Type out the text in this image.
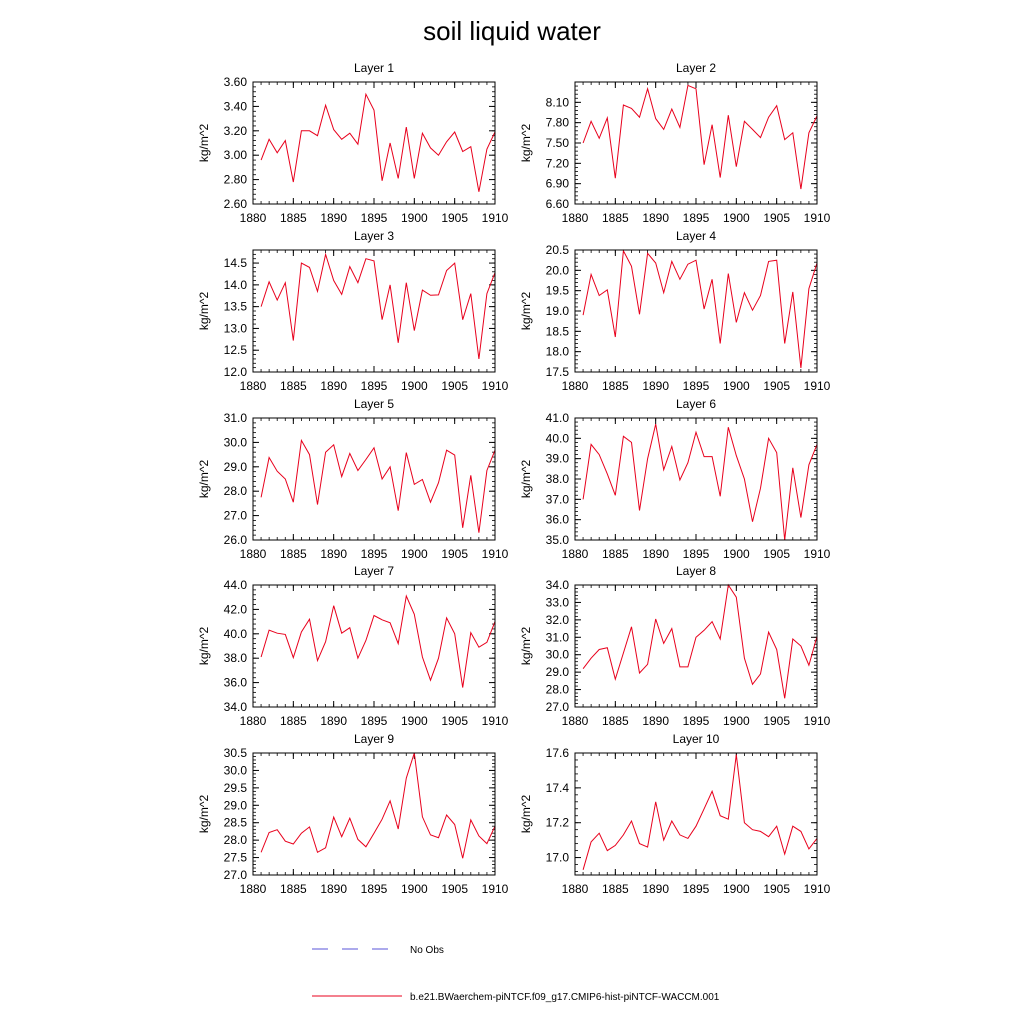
soil liquid water
Layer 1
kg/m^2
1880 1885 1890 1895 1900 1905 1910
2.60
2.80
3.00
3.20
3.40
3.60
Layer 2
kg/m^2
1880 1885 1890 1895 1900 1905 1910
6.60
6.90
7.20
7.50
7.80
8.10
Layer 3
kg/m^2
1880 1885 1890 1895 1900 1905 1910
12.0
12.5
13.0
13.5
14.0
14.5
Layer 4
kg/m^2
1880 1885 1890 1895 1900 1905 1910
17.5
18.0
18.5
19.0
19.5
20.0
20.5
Layer 5
kg/m^2
1880 1885 1890 1895 1900 1905 1910
26.0
27.0
28.0
29.0
30.0
31.0
Layer 6
kg/m^2
1880 1885 1890 1895 1900 1905 1910
35.0
36.0
37.0
38.0
39.0
40.0
41.0
Layer 7
kg/m^2
1880 1885 1890 1895 1900 1905 1910
34.0
36.0
38.0
40.0
42.0
44.0
Layer 8
kg/m^2
1880 1885 1890 1895 1900 1905 1910
27.0
28.0
29.0
30.0
31.0
32.0
33.0
34.0
Layer 9
kg/m^2
1880 1885 1890 1895 1900 1905 1910
27.0
27.5
28.0
28.5
29.0
29.5
30.0
30.5
Layer 10
kg/m^2
1880 1885 1890 1895 1900 1905 1910
17.0
17.2
17.4
17.6
No Obs
b.e21.BWaerchem-piNTCF.f09_g17.CMIP6-hist-piNTCF-WACCM.001
